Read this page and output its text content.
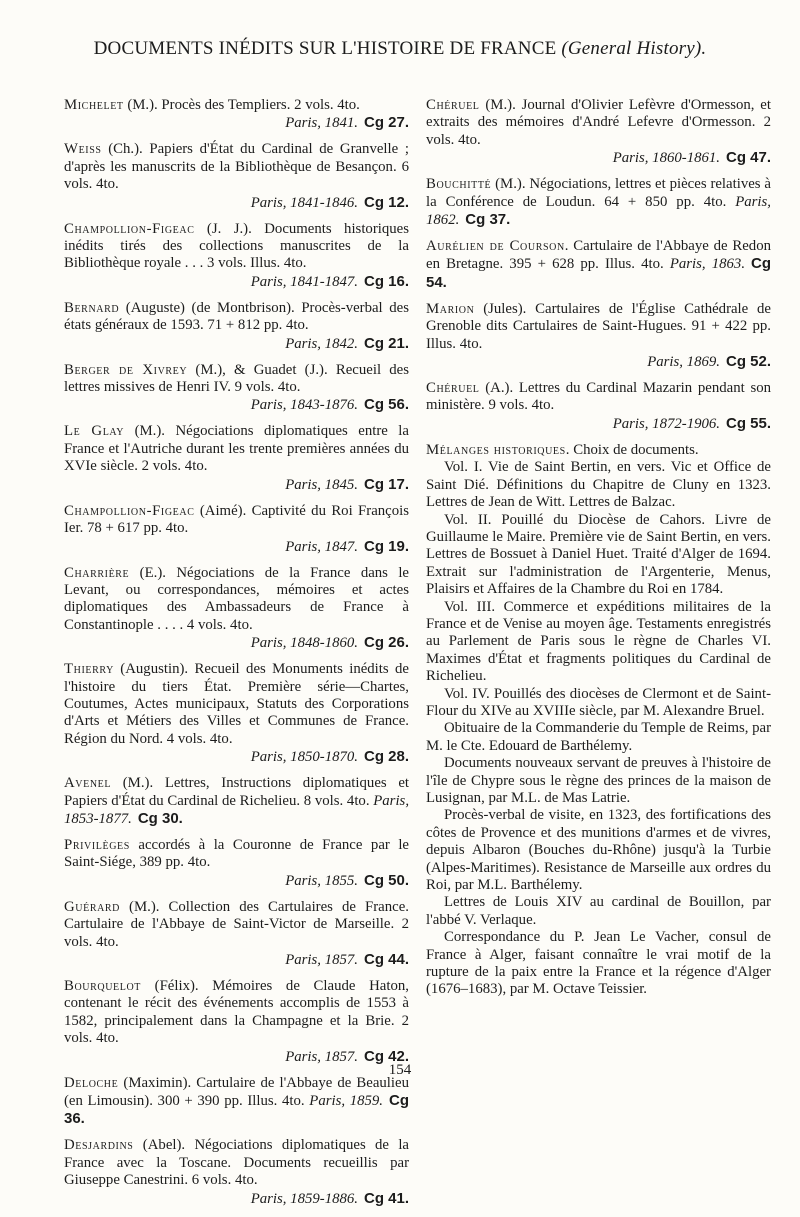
DOCUMENTS INÉDITS SUR L'HISTOIRE DE FRANCE (General History).

Michelet (M.). Procès des Templiers. 2 vols. 4to.
Paris, 1841. Cg 27.

Weiss (Ch.). Papiers d'État du Cardinal de Granvelle ; d'après les manuscrits de la Bibliothèque de Besançon. 6 vols. 4to.
Paris, 1841-1846. Cg 12.

Champollion-Figeac (J. J.). Documents historiques inédits tirés des collections manuscrites de la Bibliothèque royale . . . 3 vols. Illus. 4to.
Paris, 1841-1847. Cg 16.

Bernard (Auguste) (de Montbrison). Procès-verbal des états généraux de 1593. 71 + 812 pp. 4to.
Paris, 1842. Cg 21.

Berger de Xivrey (M.), & Guadet (J.). Recueil des lettres missives de Henri IV. 9 vols. 4to.
Paris, 1843-1876. Cg 56.

Le Glay (M.). Négociations diplomatiques entre la France et l'Autriche durant les trente premières années du XVIe siècle. 2 vols. 4to.
Paris, 1845. Cg 17.

Champollion-Figeac (Aimé). Captivité du Roi François Ier. 78 + 617 pp. 4to.
Paris, 1847. Cg 19.

Charrière (E.). Négociations de la France dans le Levant, ou correspondances, mémoires et actes diplomatiques des Ambassadeurs de France à Constantinople . . . . 4 vols. 4to.
Paris, 1848-1860. Cg 26.

Thierry (Augustin). Recueil des Monuments inédits de l'histoire du tiers État. Première série—Chartes, Coutumes, Actes municipaux, Statuts des Corporations d'Arts et Métiers des Villes et Communes de France. Région du Nord. 4 vols. 4to.
Paris, 1850-1870. Cg 28.

Avenel (M.). Lettres, Instructions diplomatiques et Papiers d'État du Cardinal de Richelieu. 8 vols. 4to. Paris, 1853-1877. Cg 30.

Privilèges accordés à la Couronne de France par le Saint-Siége, 389 pp. 4to.
Paris, 1855. Cg 50.

Guérard (M.). Collection des Cartulaires de France. Cartulaire de l'Abbaye de Saint-Victor de Marseille. 2 vols. 4to.
Paris, 1857. Cg 44.

Bourquelot (Félix). Mémoires de Claude Haton, contenant le récit des événements accomplis de 1553 à 1582, principalement dans la Champagne et la Brie. 2 vols. 4to.
Paris, 1857. Cg 42.

Deloche (Maximin). Cartulaire de l'Abbaye de Beaulieu (en Limousin). 300 + 390 pp. Illus. 4to. Paris, 1859. Cg 36.

Desjardins (Abel). Négociations diplomatiques de la France avec la Toscane. Documents recueillis par Giuseppe Canestrini. 6 vols. 4to.
Paris, 1859-1886. Cg 41.

Chéruel (M.). Journal d'Olivier Lefèvre d'Ormesson, et extraits des mémoires d'André Lefevre d'Ormesson. 2 vols. 4to.
Paris, 1860-1861. Cg 47.

Bouchitté (M.). Négociations, lettres et pièces relatives à la Conférence de Loudun. 64 + 850 pp. 4to. Paris, 1862. Cg 37.

Aurélien de Courson. Cartulaire de l'Abbaye de Redon en Bretagne. 395 + 628 pp. Illus. 4to. Paris, 1863. Cg 54.

Marion (Jules). Cartulaires de l'Église Cathédrale de Grenoble dits Cartulaires de Saint-Hugues. 91 + 422 pp. Illus. 4to.
Paris, 1869. Cg 52.

Chéruel (A.). Lettres du Cardinal Mazarin pendant son ministère. 9 vols. 4to.
Paris, 1872-1906. Cg 55.

Mélanges historiques. Choix de documents.

Vol. I. Vie de Saint Bertin, en vers. Vic et Office de Saint Dié. Définitions du Chapitre de Cluny en 1323. Lettres de Jean de Witt. Lettres de Balzac.

Vol. II. Pouillé du Diocèse de Cahors. Livre de Guillaume le Maire. Première vie de Saint Bertin, en vers. Lettres de Bossuet à Daniel Huet. Traité d'Alger de 1694. Extrait sur l'administration de l'Argenterie, Menus, Plaisirs et Affaires de la Chambre du Roi en 1784.

Vol. III. Commerce et expéditions militaires de la France et de Venise au moyen âge. Testaments enregistrés au Parlement de Paris sous le règne de Charles VI. Maximes d'État et fragments politiques du Cardinal de Richelieu.

Vol. IV. Pouillés des diocèses de Clermont et de Saint-Flour du XIVe au XVIIIe siècle, par M. Alexandre Bruel.

Obituaire de la Commanderie du Temple de Reims, par M. le Cte. Edouard de Barthélemy.

Documents nouveaux servant de preuves à l'histoire de l'île de Chypre sous le règne des princes de la maison de Lusignan, par M.L. de Mas Latrie.

Procès-verbal de visite, en 1323, des fortifications des côtes de Provence et des munitions d'armes et de vivres, depuis Albaron (Bouches du-Rhône) jusqu'à la Turbie (Alpes-Maritimes). Resistance de Marseille aux ordres du Roi, par M.L. Barthélemy.

Lettres de Louis XIV au cardinal de Bouillon, par l'abbé V. Verlaque.

Correspondance du P. Jean Le Vacher, consul de France à Alger, faisant connaître le vrai motif de la rupture de la paix entre la France et la régence d'Alger (1676–1683), par M. Octave Teissier.

154
